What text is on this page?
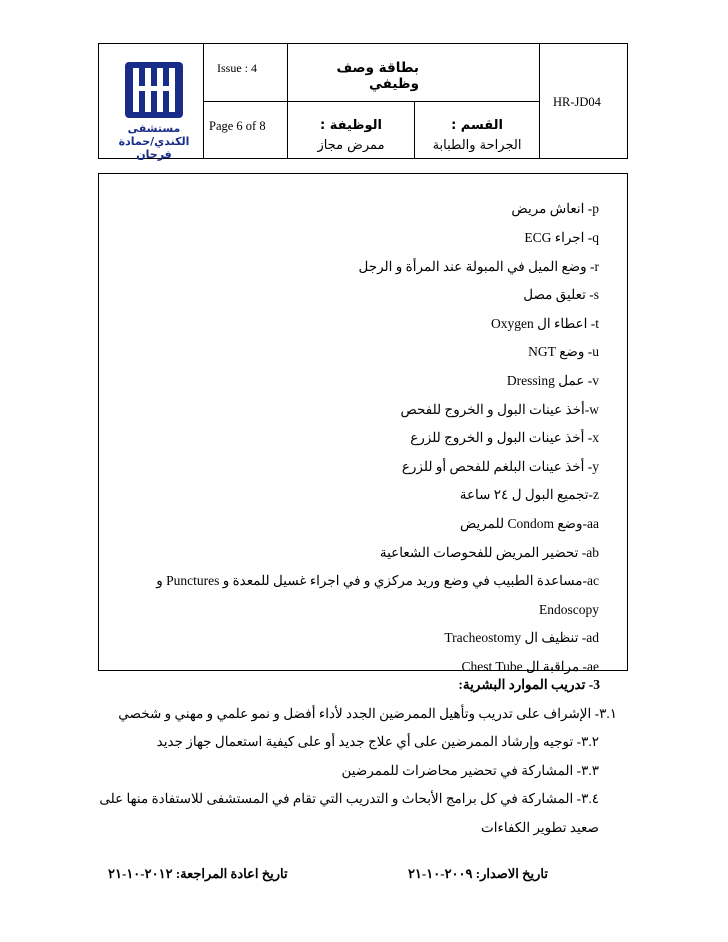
مستشفى الكندي/حمادة فرحان
Issue : 4
Page 6 of 8
بطاقة وصف وظيفي
HR-JD04
الوظيفة :
ممرض مجاز
القسم :
الجراحة والطبابة
p- انعاش مريض
q- اجراء ECG
r- وضع الميل في المبولة عند المرأة و الرجل
s- تعليق مصل
t- اعطاء ال Oxygen
u- وضع NGT
v- عمل Dressing
w-أخذ عينات البول و الخروج للفحص
x- أخذ عينات البول و الخروج للزرع
y- أخذ عينات البلغم للفحص أو للزرع
z-تجميع البول ل ٢٤ ساعة
aa-وضع Condom للمريض
ab- تحضير المريض للفحوصات الشعاعية
ac-مساعدة الطبيب في وضع وريد مركزي و في اجراء غسيل للمعدة و Punctures و
Endoscopy
ad- تنظيف ال Tracheostomy
ae- مراقبة ال Chest Tube
3- تدريب الموارد البشرية:
٣.١- الإشراف على تدريب وتأهيل الممرضين الجدد لأداء أفضل و نمو علمي و مهني و شخصي
٣.٢- توجيه وإرشاد الممرضين على أي علاج جديد أو على كيفية استعمال جهاز جديد
٣.٣- المشاركة في تحضير محاضرات للممرضين
٣.٤- المشاركة في كل برامج الأبحاث و التدريب التي تقام في المستشفى للاستفادة منها على
صعيد تطوير الكفاءات
تاريخ الاصدار: ٢٠٠٩-١٠-٢١
تاريخ اعادة المراجعة: ٢٠١٢-١٠-٢١
